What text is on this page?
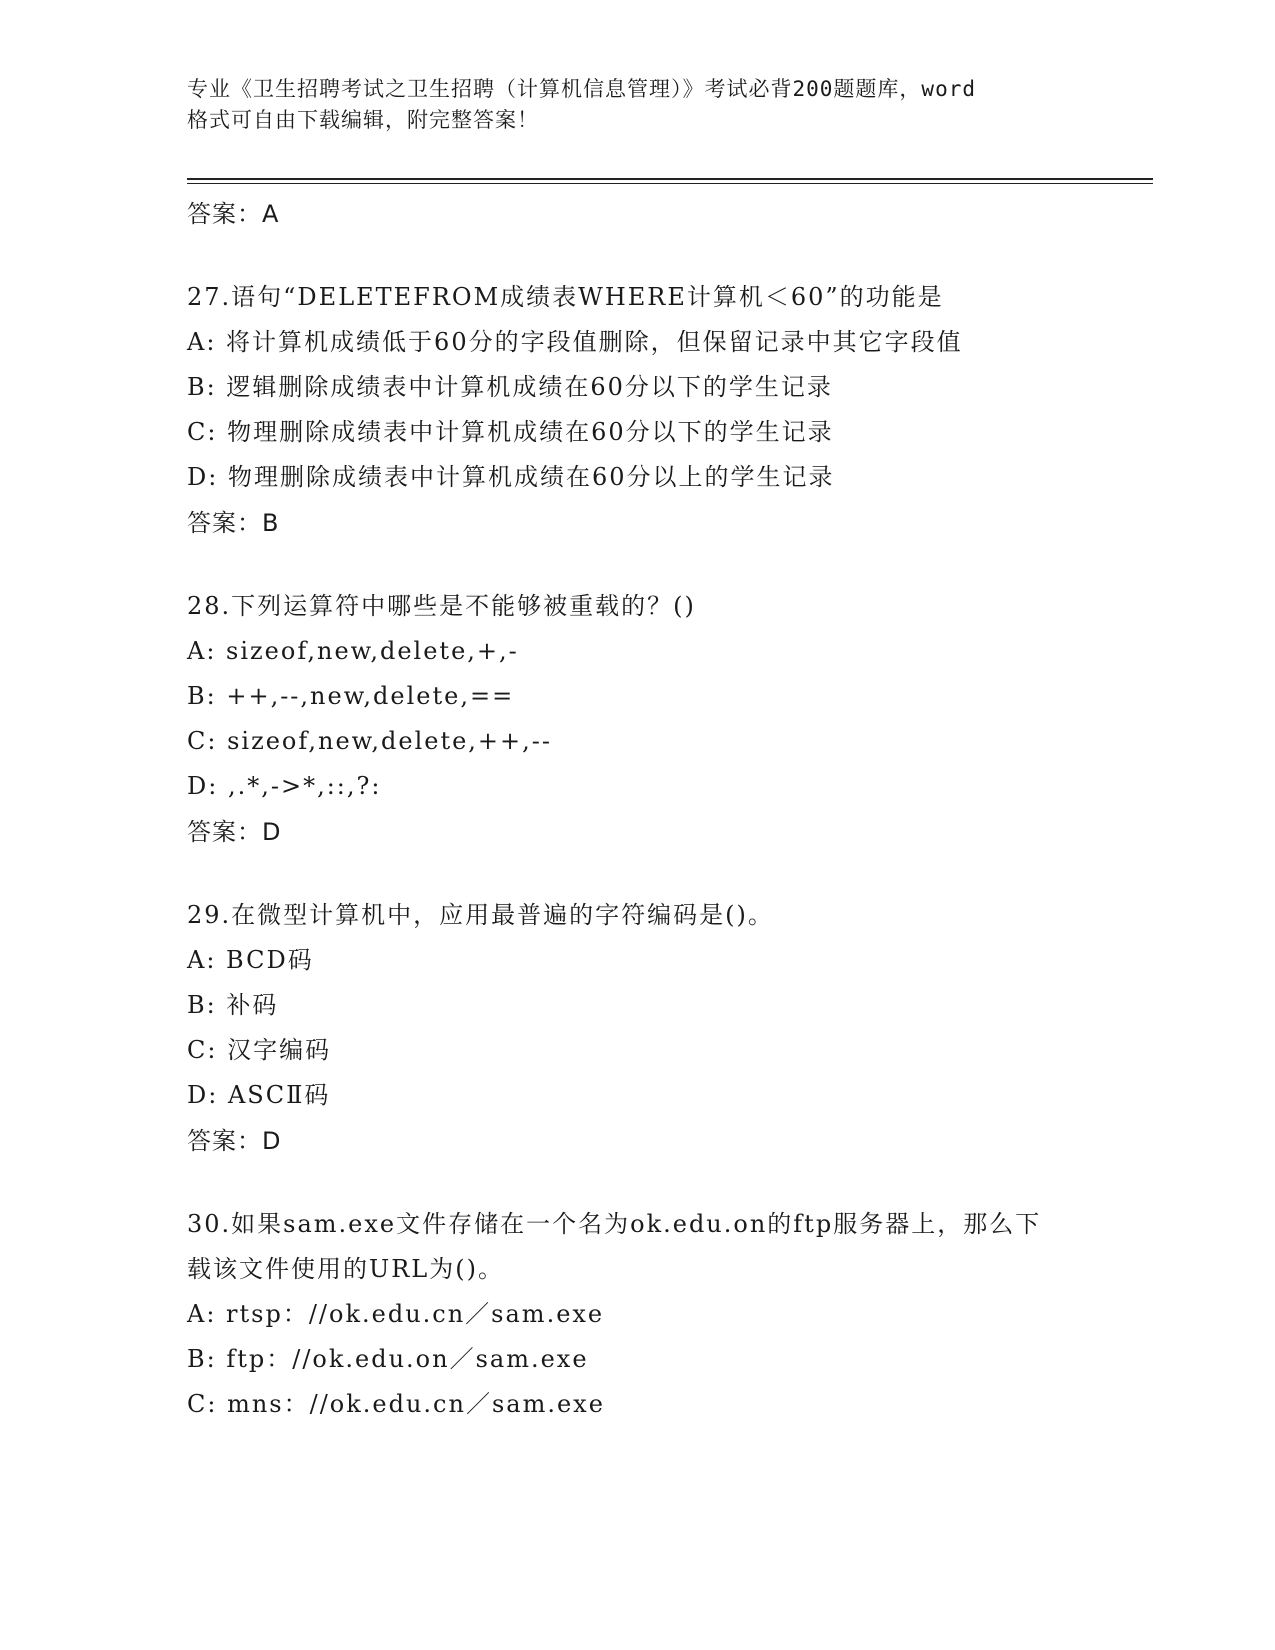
专业《卫生招聘考试之卫生招聘（计算机信息管理）》考试必背200题题库，word
格式可自由下载编辑，附完整答案！
答案：A
27.语句“DELETEFROM成绩表WHERE计算机＜60”的功能是
A: 将计算机成绩低于60分的字段值删除，但保留记录中其它字段值
B: 逻辑删除成绩表中计算机成绩在60分以下的学生记录
C: 物理删除成绩表中计算机成绩在60分以下的学生记录
D: 物理删除成绩表中计算机成绩在60分以上的学生记录
答案：B
28.下列运算符中哪些是不能够被重载的？()
A: sizeof,new,delete,+,-
B: ++,--,new,delete,==
C: sizeof,new,delete,++,--
D: ,.*,->*,::,?:
答案：D
29.在微型计算机中，应用最普遍的字符编码是()。
A: BCD码
B: 补码
C: 汉字编码
D: ASCⅡ码
答案：D
30.如果sam.exe文件存储在一个名为ok.edu.on的ftp服务器上，那么下载该文件使用的URL为()。
A: rtsp：//ok.edu.cn／sam.exe
B: ftp：//ok.edu.on／sam.exe
C: mns：//ok.edu.cn／sam.exe
